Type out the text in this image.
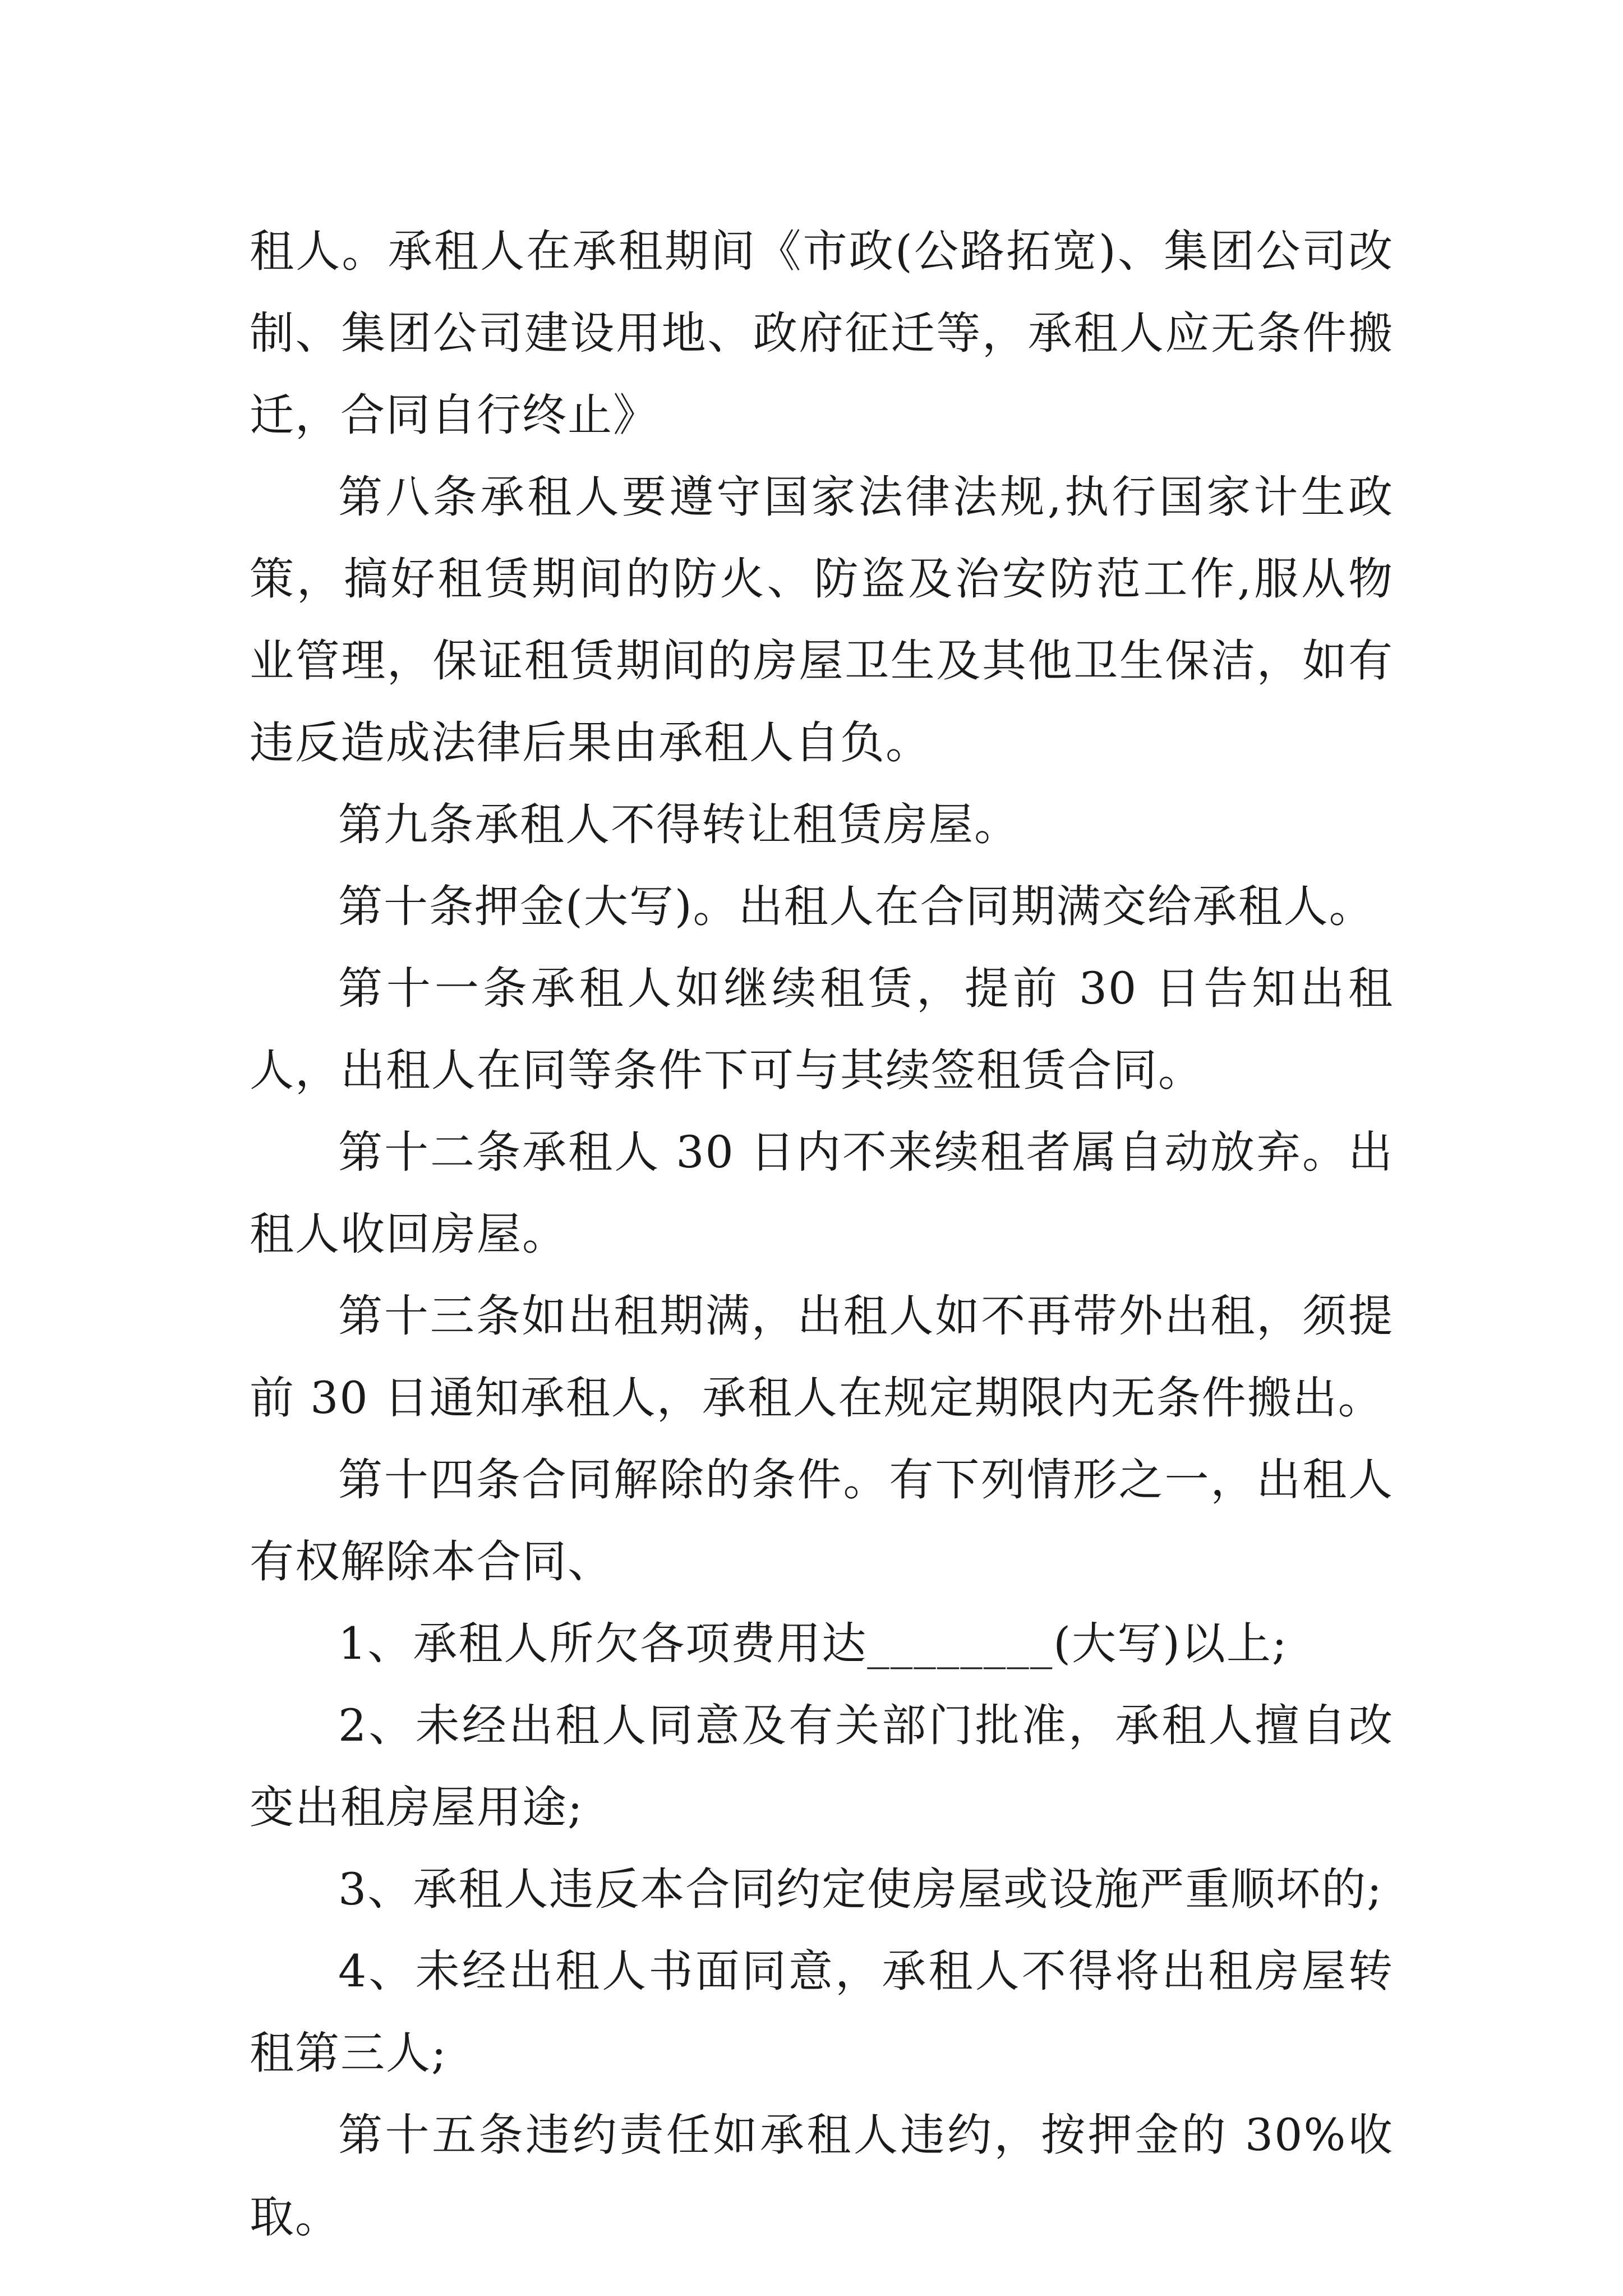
租人。承租人在承租期间《市政(公路拓宽)、集团公司改制、集团公司建设用地、政府征迁等，承租人应无条件搬迁，合同自行终止》

第八条承租人要遵守国家法律法规,执行国家计生政策，搞好租赁期间的防火、防盗及治安防范工作,服从物业管理，保证租赁期间的房屋卫生及其他卫生保洁，如有违反造成法律后果由承租人自负。

第九条承租人不得转让租赁房屋。

第十条押金(大写)。出租人在合同期满交给承租人。

第十一条承租人如继续租赁，提前 30 日告知出租人，出租人在同等条件下可与其续签租赁合同。

第十二条承租人 30 日内不来续租者属自动放弃。出租人收回房屋。

第十三条如出租期满，出租人如不再带外出租，须提前 30 日通知承租人，承租人在规定期限内无条件搬出。

第十四条合同解除的条件。有下列情形之一，出租人有权解除本合同、

1、承租人所欠各项费用达________(大写)以上;

2、未经出租人同意及有关部门批准，承租人擅自改变出租房屋用途;

3、承租人违反本合同约定使房屋或设施严重顺坏的;

4、未经出租人书面同意，承租人不得将出租房屋转租第三人;

第十五条违约责任如承租人违约，按押金的 30%收取。
